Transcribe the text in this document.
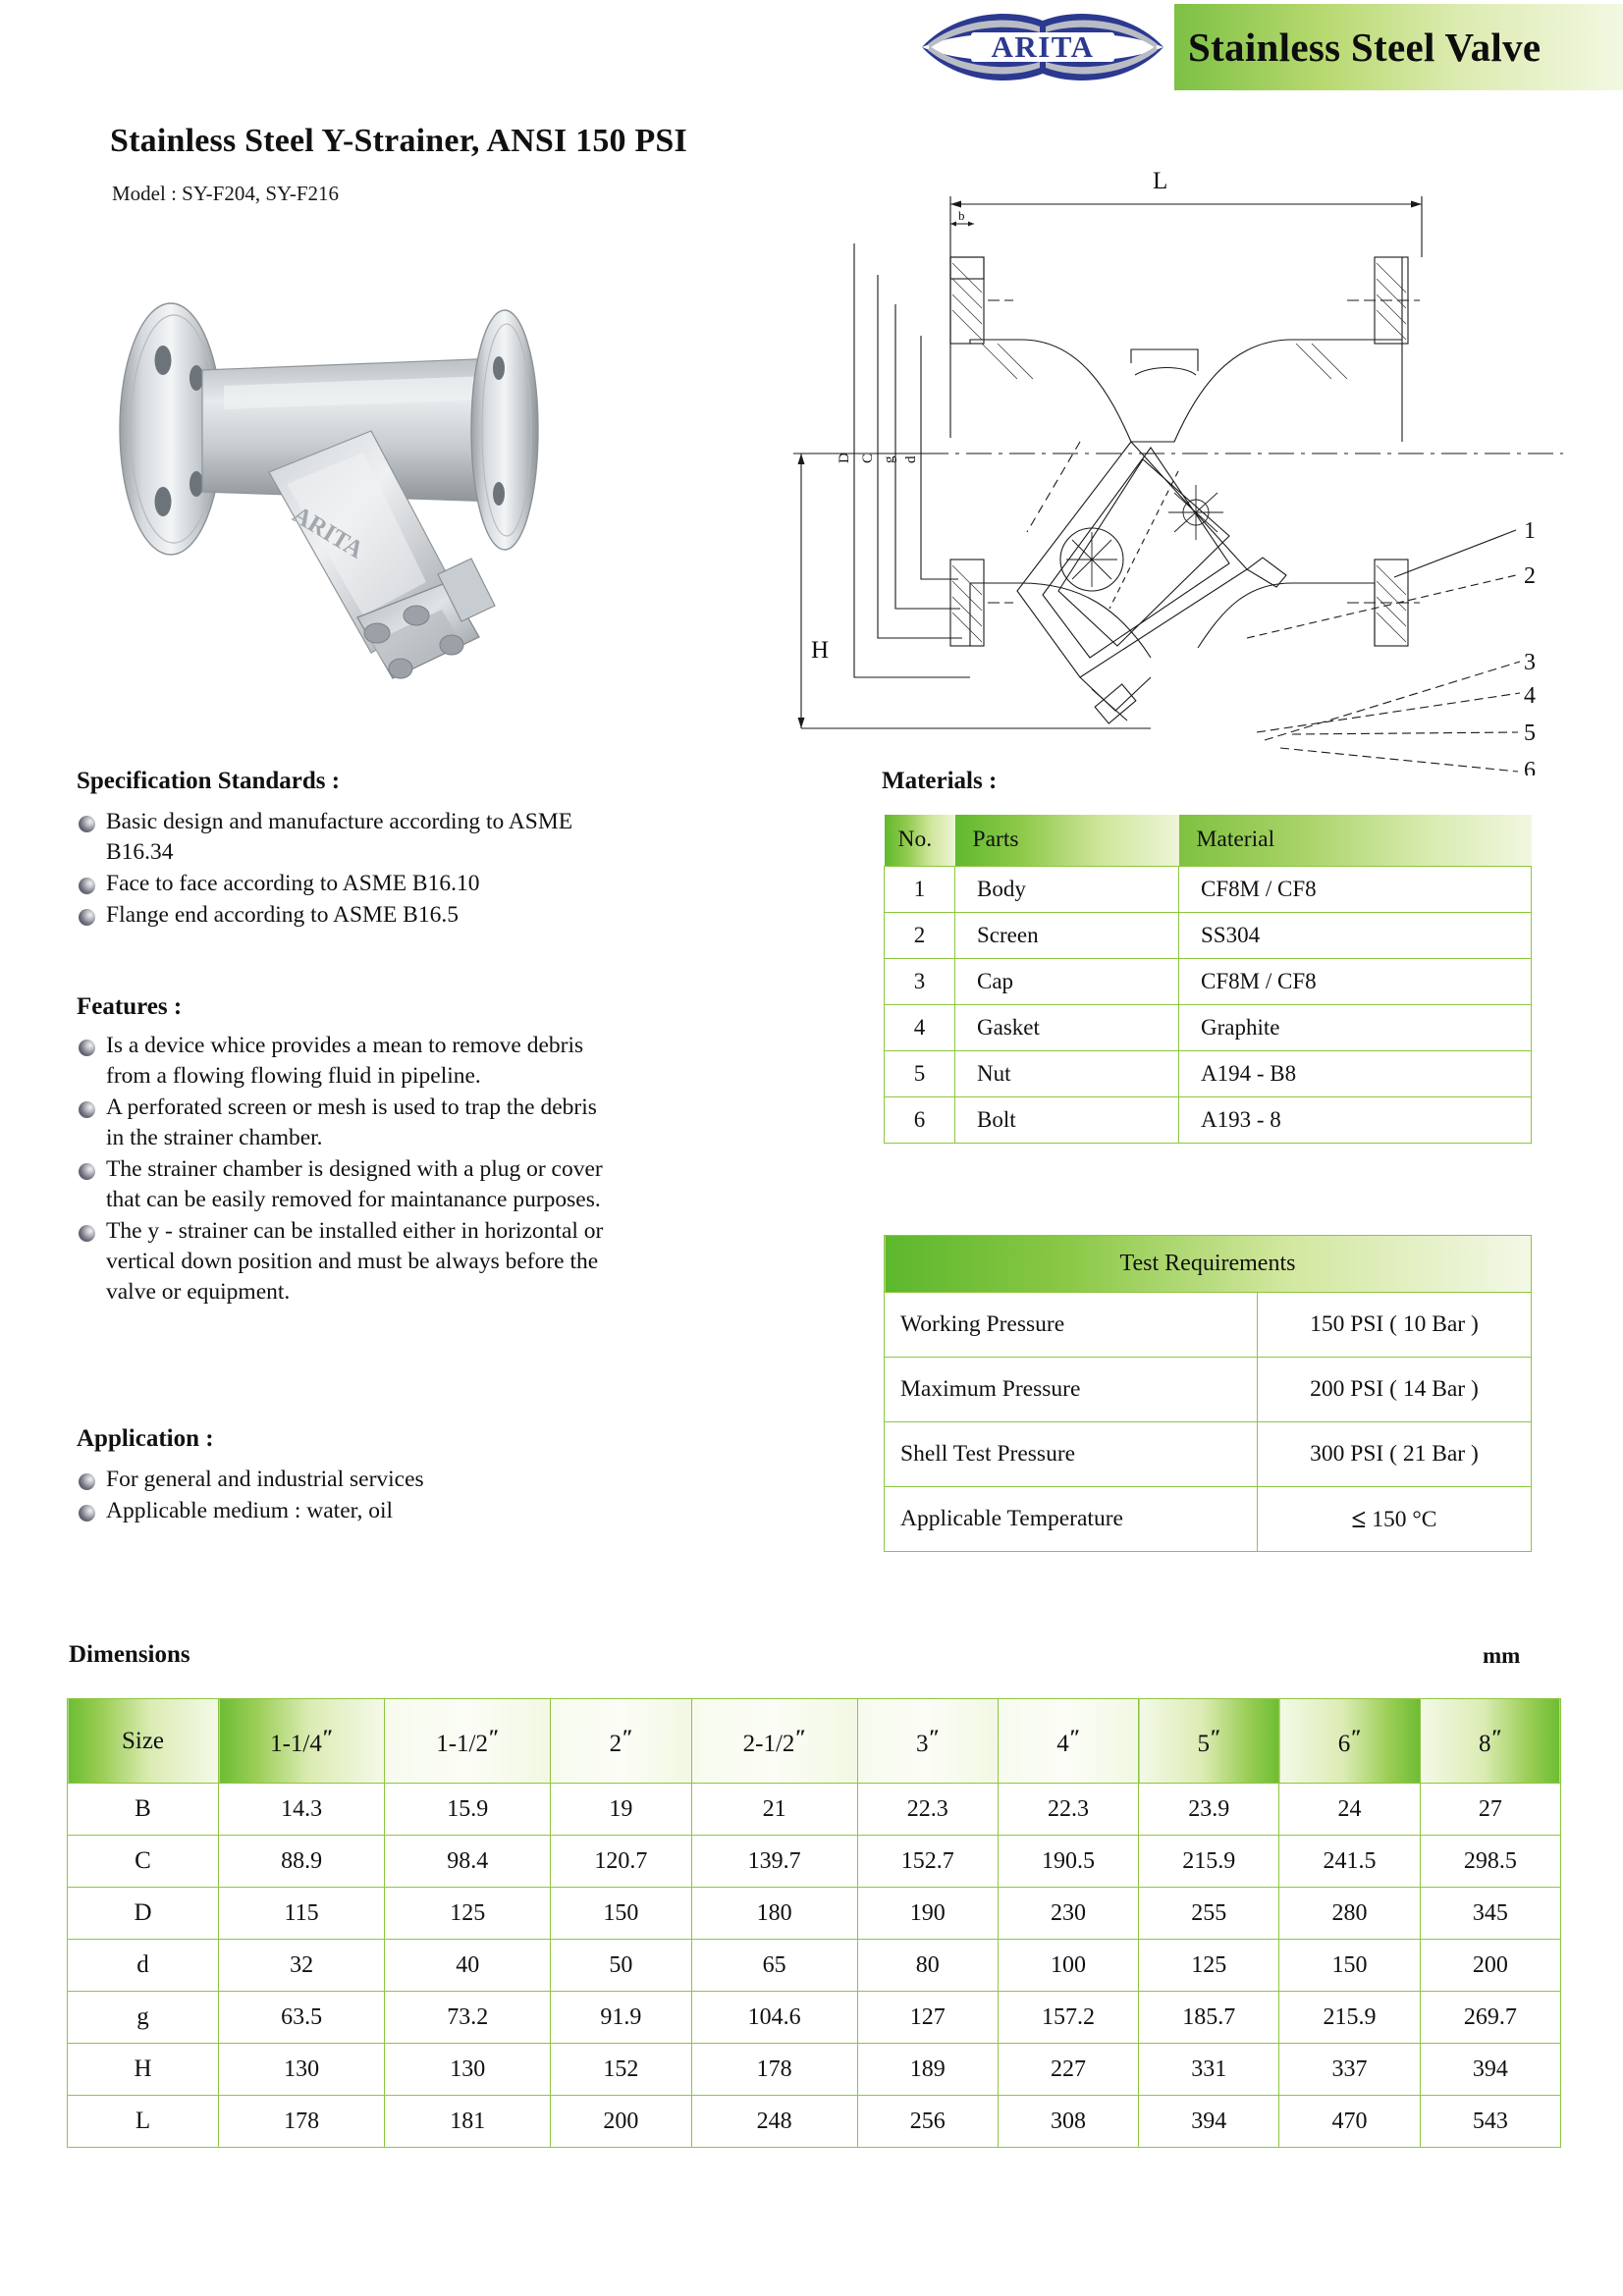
ARITA Stainless Steel Valve
Stainless Steel Y-Strainer, ANSI 150 PSI
Model : SY-F204, SY-F216
ARITA
L
b
H
D C g d
1
2
3
4
5
6
Specification Standards :
Basic design and manufacture according to ASME B16.34
Face to face according to ASME B16.10
Flange end according to ASME B16.5
Features :
Is a device whice provides a mean to remove debris from a flowing flowing fluid in pipeline.
A perforated screen or mesh is used to trap the debris in the strainer chamber.
The strainer chamber is designed with a plug or cover that can be easily removed for maintanance purposes.
The y - strainer can be installed either in horizontal or vertical down position and must be always before the valve or equipment.
Application :
For general and industrial services
Applicable medium : water, oil
Materials :
No.	Parts	Material
1	Body	CF8M / CF8
2	Screen	SS304
3	Cap	CF8M / CF8
4	Gasket	Graphite
5	Nut	A194 - B8
6	Bolt	A193 - 8
Test Requirements	
Working Pressure	150 PSI ( 10 Bar )
Maximum Pressure	200 PSI ( 14 Bar )
Shell Test Pressure	300 PSI ( 21 Bar )
Applicable Temperature	≤ 150 °C
Dimensions	mm
Size	1-1/4″	1-1/2″	2″	2-1/2″	3″	4″	5″	6″	8″
B	14.3	15.9	19	21	22.3	22.3	23.9	24	27
C	88.9	98.4	120.7	139.7	152.7	190.5	215.9	241.5	298.5
D	115	125	150	180	190	230	255	280	345
d	32	40	50	65	80	100	125	150	200
g	63.5	73.2	91.9	104.6	127	157.2	185.7	215.9	269.7
H	130	130	152	178	189	227	331	337	394
L	178	181	200	248	256	308	394	470	543
